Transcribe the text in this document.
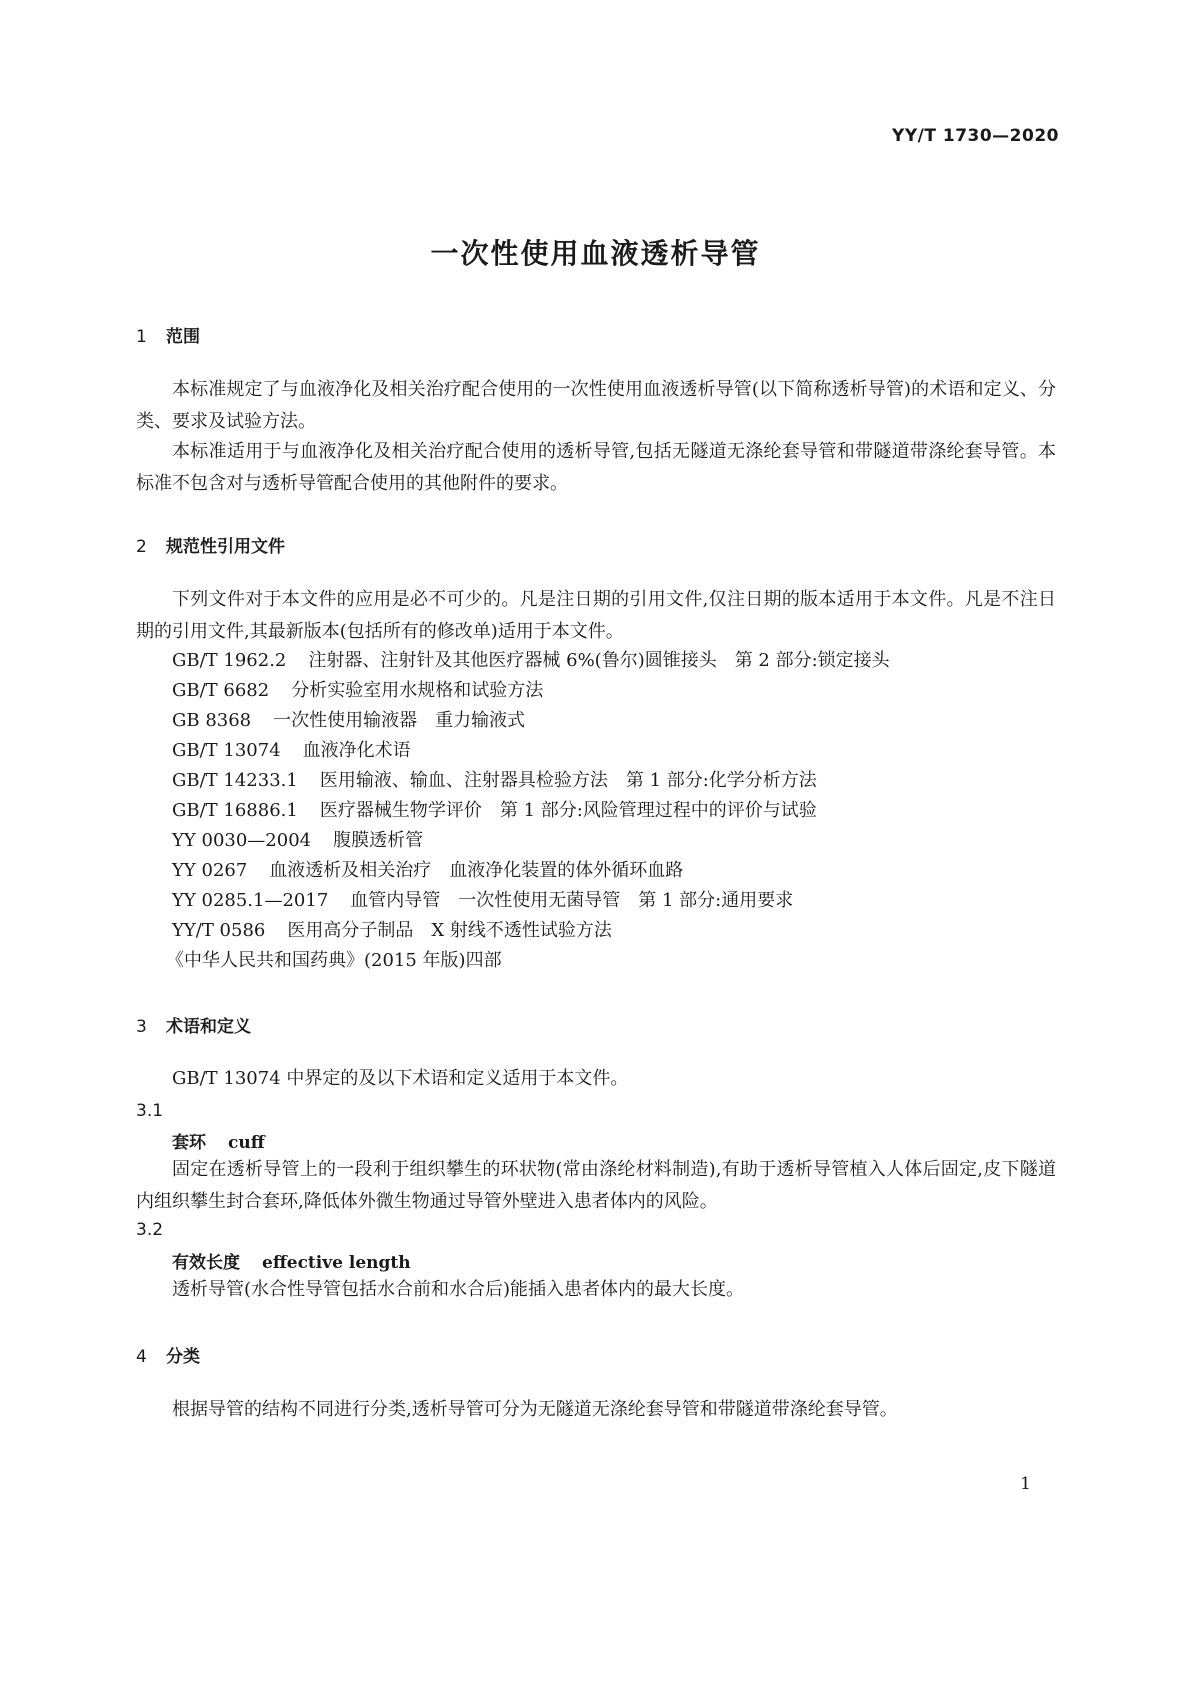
YY/T 1730—2020
一次性使用血液透析导管
1 范围
本标准规定了与血液净化及相关治疗配合使用的一次性使用血液透析导管(以下简称透析导管)的术语和定义、分类、要求及试验方法。
本标准适用于与血液净化及相关治疗配合使用的透析导管,包括无隧道无涤纶套导管和带隧道带涤纶套导管。本标准不包含对与透析导管配合使用的其他附件的要求。
2 规范性引用文件
下列文件对于本文件的应用是必不可少的。凡是注日期的引用文件,仅注日期的版本适用于本文件。凡是不注日期的引用文件,其最新版本(包括所有的修改单)适用于本文件。
GB/T 1962.2 注射器、注射针及其他医疗器械 6%(鲁尔)圆锥接头　第 2 部分:锁定接头
GB/T 6682 分析实验室用水规格和试验方法
GB 8368 一次性使用输液器　重力输液式
GB/T 13074 血液净化术语
GB/T 14233.1 医用输液、输血、注射器具检验方法　第 1 部分:化学分析方法
GB/T 16886.1 医疗器械生物学评价　第 1 部分:风险管理过程中的评价与试验
YY 0030—2004 腹膜透析管
YY 0267 血液透析及相关治疗　血液净化装置的体外循环血路
YY 0285.1—2017 血管内导管　一次性使用无菌导管　第 1 部分:通用要求
YY/T 0586 医用高分子制品　X 射线不透性试验方法
《中华人民共和国药典》(2015 年版)四部
3 术语和定义
GB/T 13074 中界定的及以下术语和定义适用于本文件。
3.1
套环 cuff
固定在透析导管上的一段利于组织攀生的环状物(常由涤纶材料制造),有助于透析导管植入人体后固定,皮下隧道内组织攀生封合套环,降低体外微生物通过导管外壁进入患者体内的风险。
3.2
有效长度 effective length
透析导管(水合性导管包括水合前和水合后)能插入患者体内的最大长度。
4 分类
根据导管的结构不同进行分类,透析导管可分为无隧道无涤纶套导管和带隧道带涤纶套导管。
1
